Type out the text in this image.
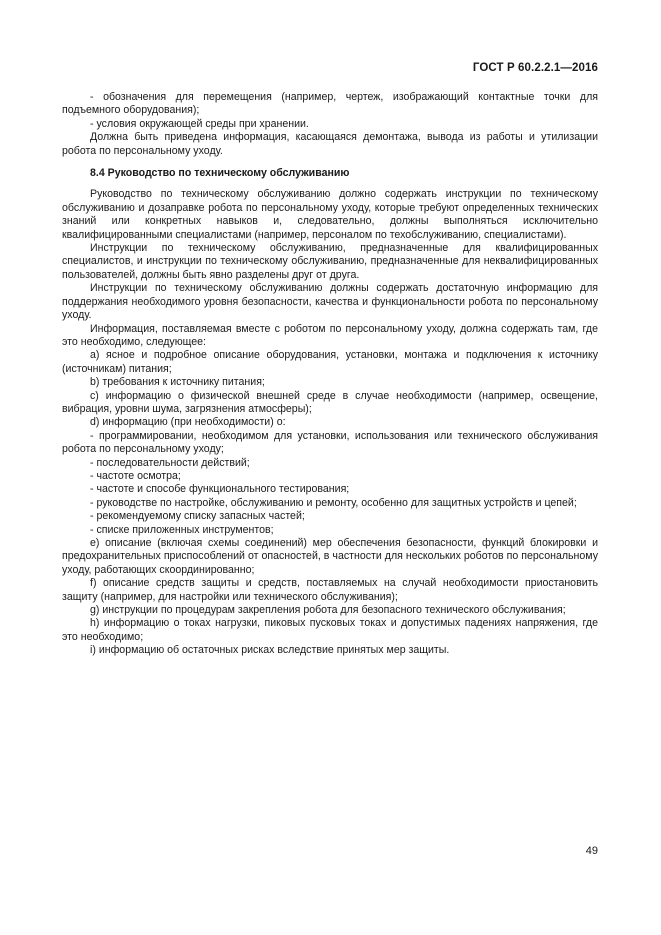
ГОСТ Р 60.2.2.1—2016

- обозначения для перемещения (например, чертеж, изображающий контактные точки для подъемного оборудования);

- условия окружающей среды при хранении.

Должна быть приведена информация, касающаяся демонтажа, вывода из работы и утилизации робота по персональному уходу.

8.4 Руководство по техническому обслуживанию

Руководство по техническому обслуживанию должно содержать инструкции по техническому обслуживанию и дозаправке робота по персональному уходу, которые требуют определенных технических знаний или конкретных навыков и, следовательно, должны выполняться исключительно квалифицированными специалистами (например, персоналом по техобслуживанию, специалистами).

Инструкции по техническому обслуживанию, предназначенные для квалифицированных специалистов, и инструкции по техническому обслуживанию, предназначенные для неквалифицированных пользователей, должны быть явно разделены друг от друга.

Инструкции по техническому обслуживанию должны содержать достаточную информацию для поддержания необходимого уровня безопасности, качества и функциональности робота по персональному уходу.

Информация, поставляемая вместе с роботом по персональному уходу, должна содержать там, где это необходимо, следующее:

a) ясное и подробное описание оборудования, установки, монтажа и подключения к источнику (источникам) питания;

b) требования к источнику питания;

c) информацию о физической внешней среде в случае необходимости (например, освещение, вибрация, уровни шума, загрязнения атмосферы);

d) информацию (при необходимости) о:

- программировании, необходимом для установки, использования или технического обслуживания робота по персональному уходу;

- последовательности действий;

- частоте осмотра;

- частоте и способе функционального тестирования;

- руководстве по настройке, обслуживанию и ремонту, особенно для защитных устройств и цепей;

- рекомендуемому списку запасных частей;

- списке приложенных инструментов;

e) описание (включая схемы соединений) мер обеспечения безопасности, функций блокировки и предохранительных приспособлений от опасностей, в частности для нескольких роботов по персональному уходу, работающих скоординированно;

f) описание средств защиты и средств, поставляемых на случай необходимости приостановить защиту (например, для настройки или технического обслуживания);

g) инструкции по процедурам закрепления робота для безопасного технического обслуживания;

h) информацию о токах нагрузки, пиковых пусковых токах и допустимых падениях напряжения, где это необходимо;

i) информацию об остаточных рисках вследствие принятых мер защиты.

49
